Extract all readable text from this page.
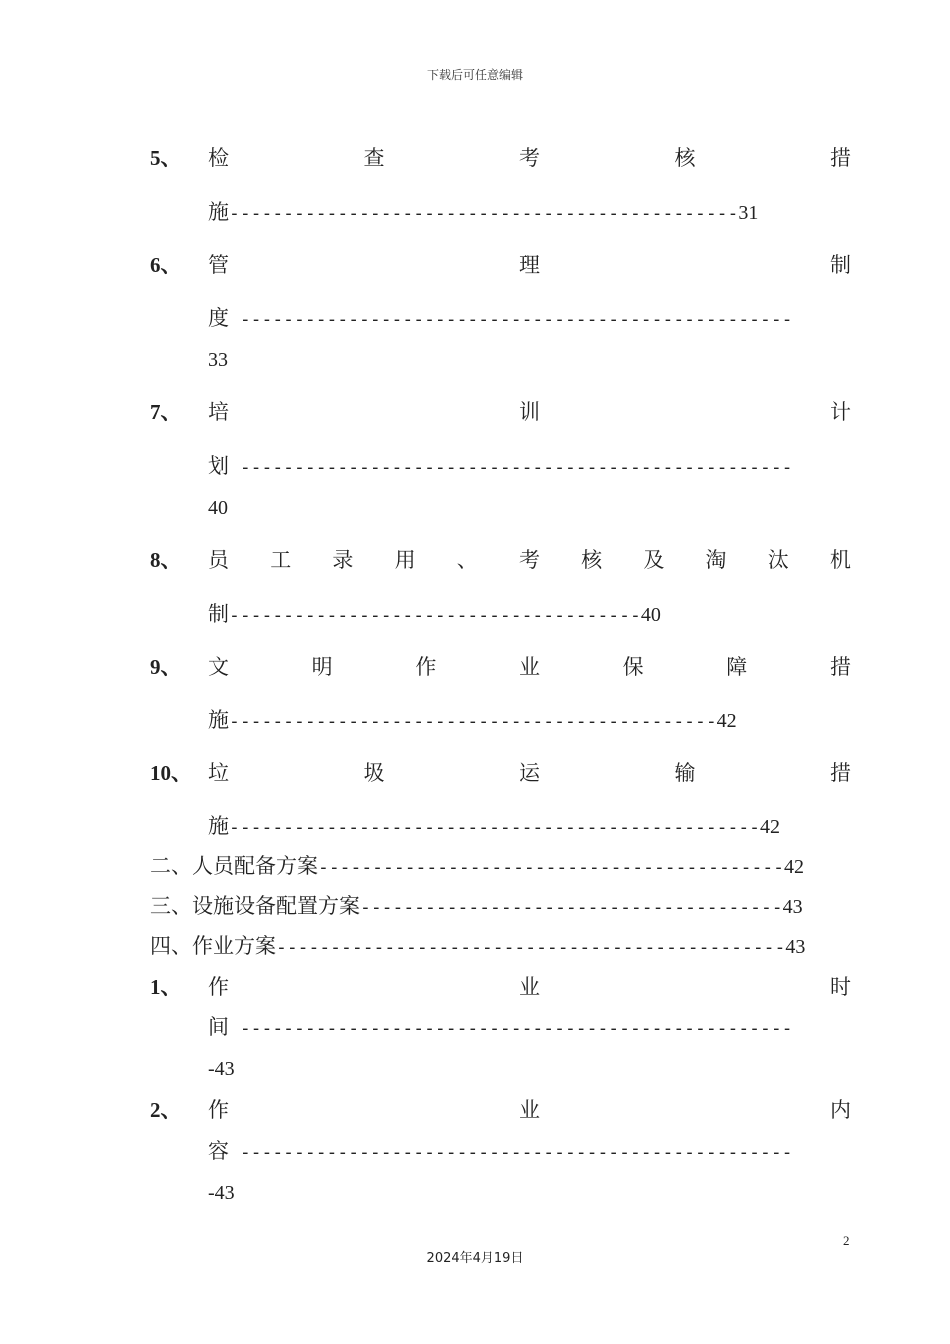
下载后可任意编辑
5、 检	查	考	核	措
施-----------------------------------------------31
6、 管	理	制
度 ---------------------------------------------------
33
7、 培	训	计
划 ---------------------------------------------------
40
8、 员 工 录 用 、 考 核 及 淘 汰 机
制--------------------------------------40
9、 文	明	作	业	保	障	措
施---------------------------------------------42
10、 垃	圾	运	输	措
施-------------------------------------------------42
二、人员配备方案-------------------------------------------42
三、设施设备配置方案---------------------------------------43
四、作业方案-----------------------------------------------43
1、 作	业	时
间 ---------------------------------------------------
-43
2、 作	业	内
容 ---------------------------------------------------
-43
2
2024年4月19日
